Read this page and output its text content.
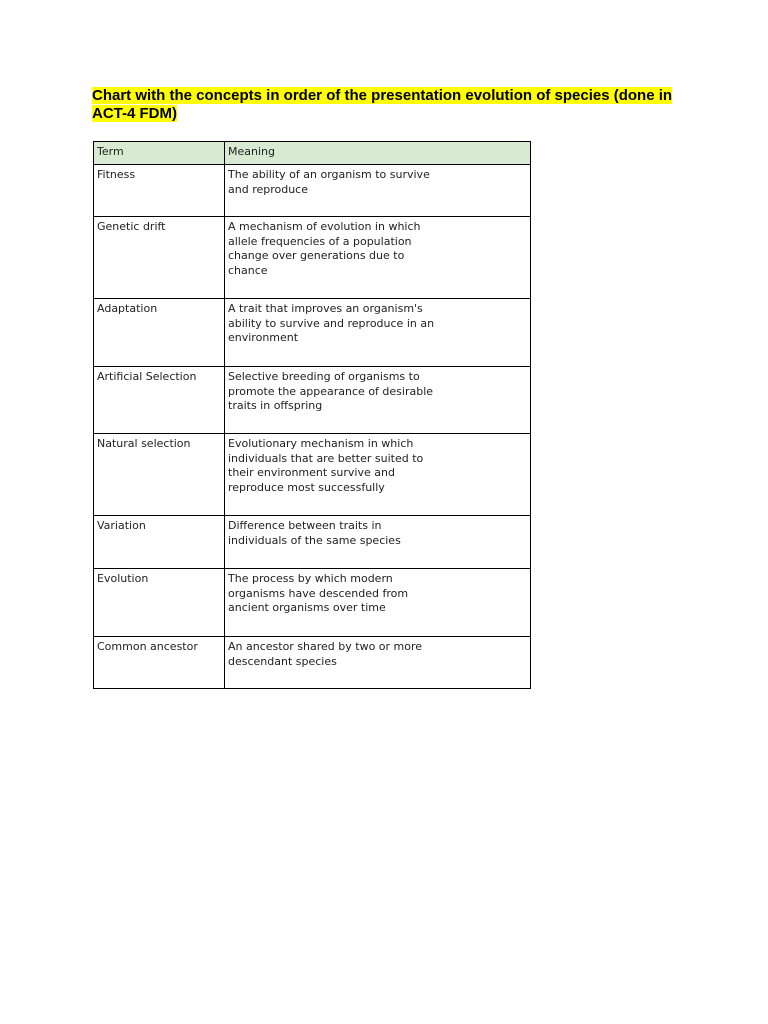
Chart with the concepts in order of the presentation evolution of species (done in ACT-4 FDM)

Term	Meaning
Fitness	The ability of an organism to survive and reproduce
Genetic drift	A mechanism of evolution in which allele frequencies of a population change over generations due to chance
Adaptation	A trait that improves an organism's ability to survive and reproduce in an environment
Artificial Selection	Selective breeding of organisms to promote the appearance of desirable traits in offspring
Natural selection	Evolutionary mechanism in which individuals that are better suited to their environment survive and reproduce most successfully
Variation	Difference between traits in individuals of the same species
Evolution	The process by which modern organisms have descended from ancient organisms over time
Common ancestor	An ancestor shared by two or more descendant species
